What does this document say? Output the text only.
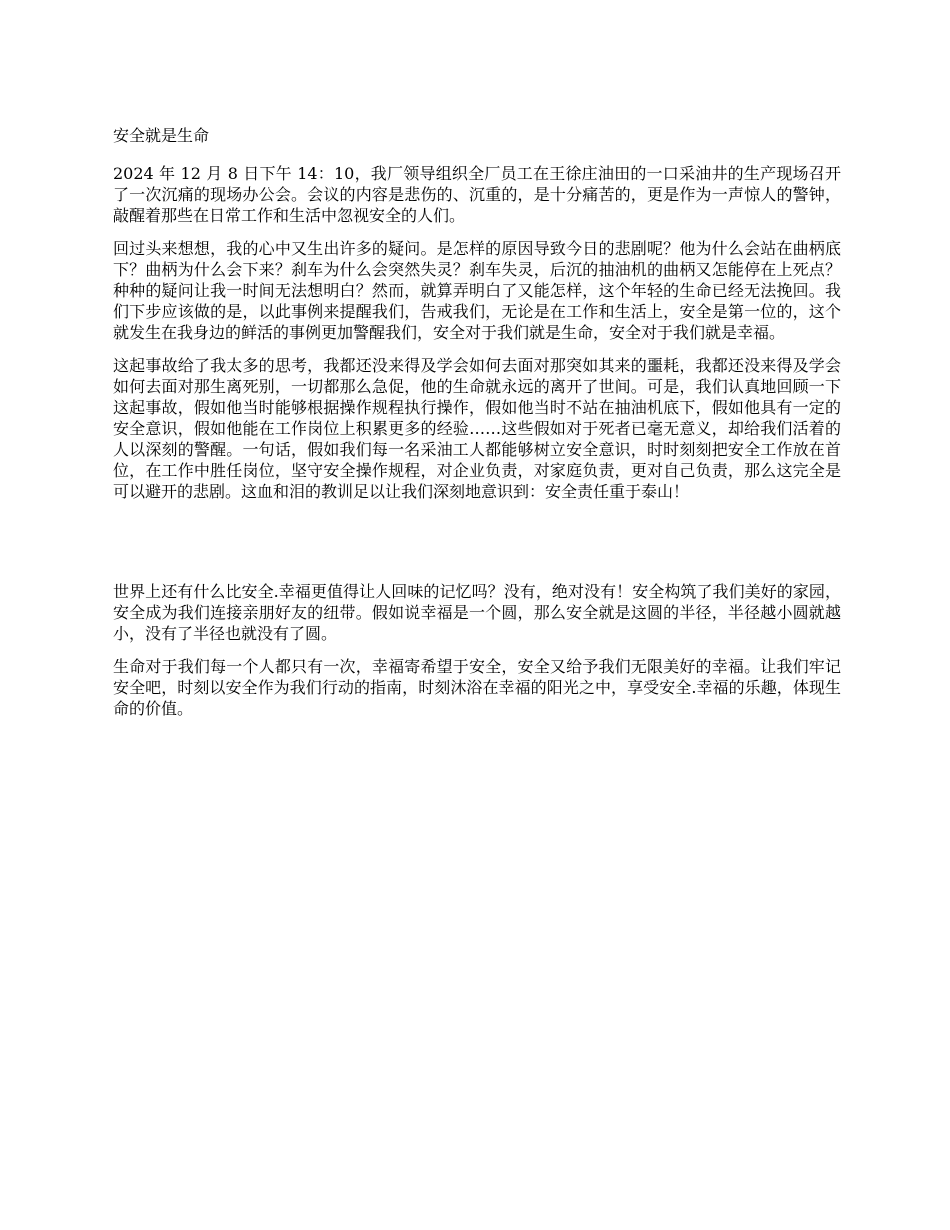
安全就是生命

2024 年 12 月 8 日下午 14：10，我厂领导组织全厂员工在王徐庄油田的一口采油井的生产现场召开了一次沉痛的现场办公会。会议的内容是悲伤的、沉重的，是十分痛苦的，更是作为一声惊人的警钟，敲醒着那些在日常工作和生活中忽视安全的人们。

回过头来想想，我的心中又生出许多的疑问。是怎样的原因导致今日的悲剧呢？他为什么会站在曲柄底下？曲柄为什么会下来？刹车为什么会突然失灵？刹车失灵，后沉的抽油机的曲柄又怎能停在上死点？种种的疑问让我一时间无法想明白？然而，就算弄明白了又能怎样，这个年轻的生命已经无法挽回。我们下步应该做的是，以此事例来提醒我们，告戒我们，无论是在工作和生活上，安全是第一位的，这个就发生在我身边的鲜活的事例更加警醒我们，安全对于我们就是生命，安全对于我们就是幸福。

这起事故给了我太多的思考，我都还没来得及学会如何去面对那突如其来的噩耗，我都还没来得及学会如何去面对那生离死别，一切都那么急促，他的生命就永远的离开了世间。可是，我们认真地回顾一下这起事故，假如他当时能够根据操作规程执行操作，假如他当时不站在抽油机底下，假如他具有一定的安全意识，假如他能在工作岗位上积累更多的经验……这些假如对于死者已毫无意义，却给我们活着的人以深刻的警醒。一句话，假如我们每一名采油工人都能够树立安全意识，时时刻刻把安全工作放在首位，在工作中胜任岗位，坚守安全操作规程，对企业负责，对家庭负责，更对自己负责，那么这完全是可以避开的悲剧。这血和泪的教训足以让我们深刻地意识到：安全责任重于泰山！

世界上还有什么比安全.幸福更值得让人回味的记忆吗？没有，绝对没有！安全构筑了我们美好的家园，安全成为我们连接亲朋好友的纽带。假如说幸福是一个圆，那么安全就是这圆的半径，半径越小圆就越小，没有了半径也就没有了圆。

生命对于我们每一个人都只有一次，幸福寄希望于安全，安全又给予我们无限美好的幸福。让我们牢记安全吧，时刻以安全作为我们行动的指南，时刻沐浴在幸福的阳光之中，享受安全.幸福的乐趣，体现生命的价值。
